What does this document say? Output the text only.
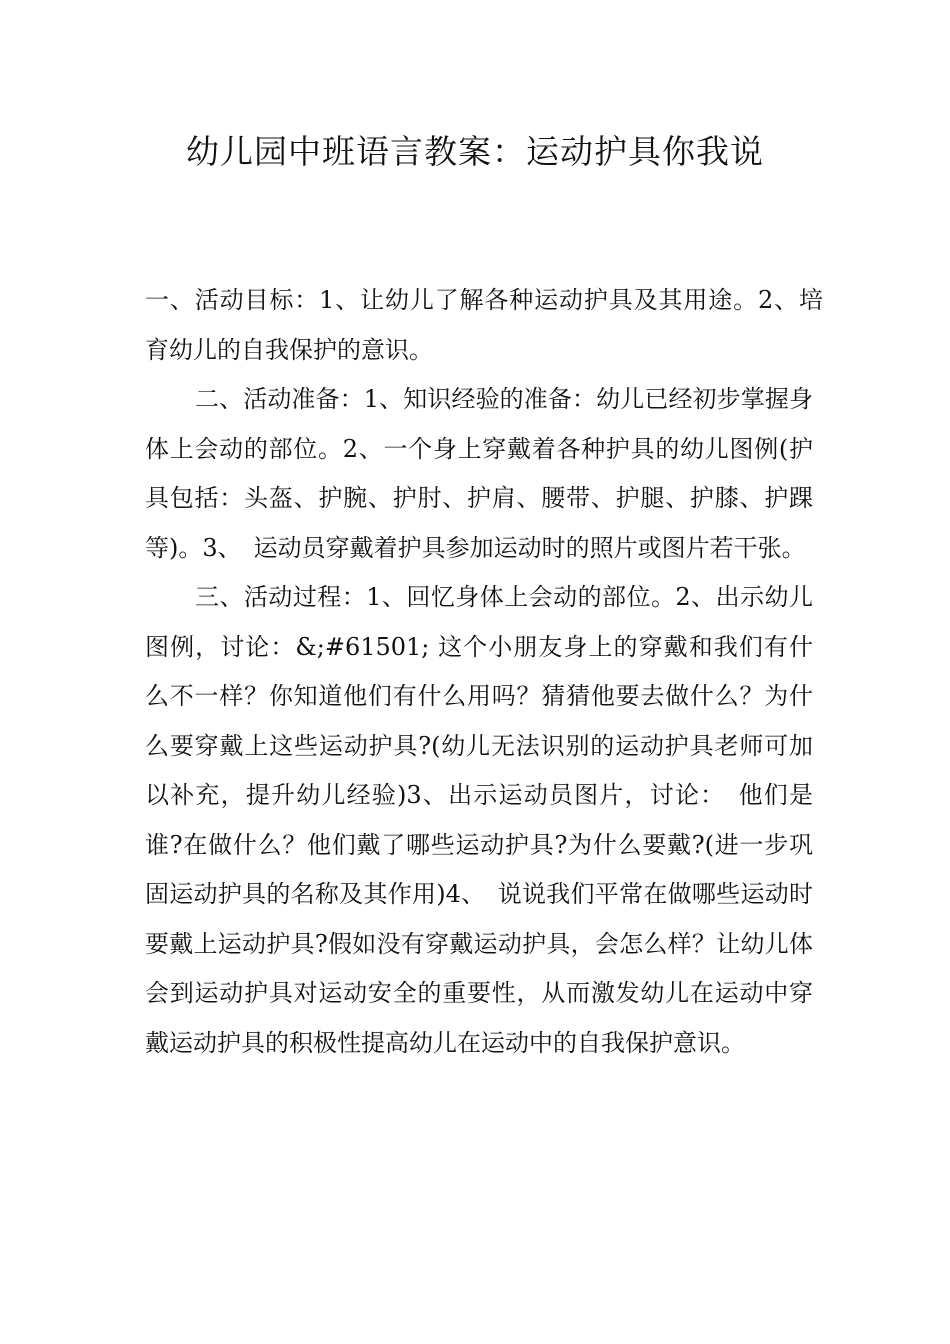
幼儿园中班语言教案：运动护具你我说

一、活动目标：1、让幼儿了解各种运动护具及其用途。2、培育幼儿的自我保护的意识。

二、活动准备：1、知识经验的准备：幼儿已经初步掌握身体上会动的部位。2、一个身上穿戴着各种护具的幼儿图例(护具包括：头盔、护腕、护肘、护肩、腰带、护腿、护膝、护踝等)。3、　运动员穿戴着护具参加运动时的照片或图片若干张。

三、活动过程：1、回忆身体上会动的部位。2、出示幼儿图例，讨论：&;#61501; 这个小朋友身上的穿戴和我们有什么不一样？你知道他们有什么用吗？猜猜他要去做什么？为什么要穿戴上这些运动护具?(幼儿无法识别的运动护具老师可加以补充，提升幼儿经验)3、出示运动员图片，讨论：　他们是谁?在做什么？他们戴了哪些运动护具?为什么要戴?(进一步巩固运动护具的名称及其作用)4、　说说我们平常在做哪些运动时要戴上运动护具?假如没有穿戴运动护具，会怎么样？让幼儿体会到运动护具对运动安全的重要性，从而激发幼儿在运动中穿戴运动护具的积极性提高幼儿在运动中的自我保护意识。
